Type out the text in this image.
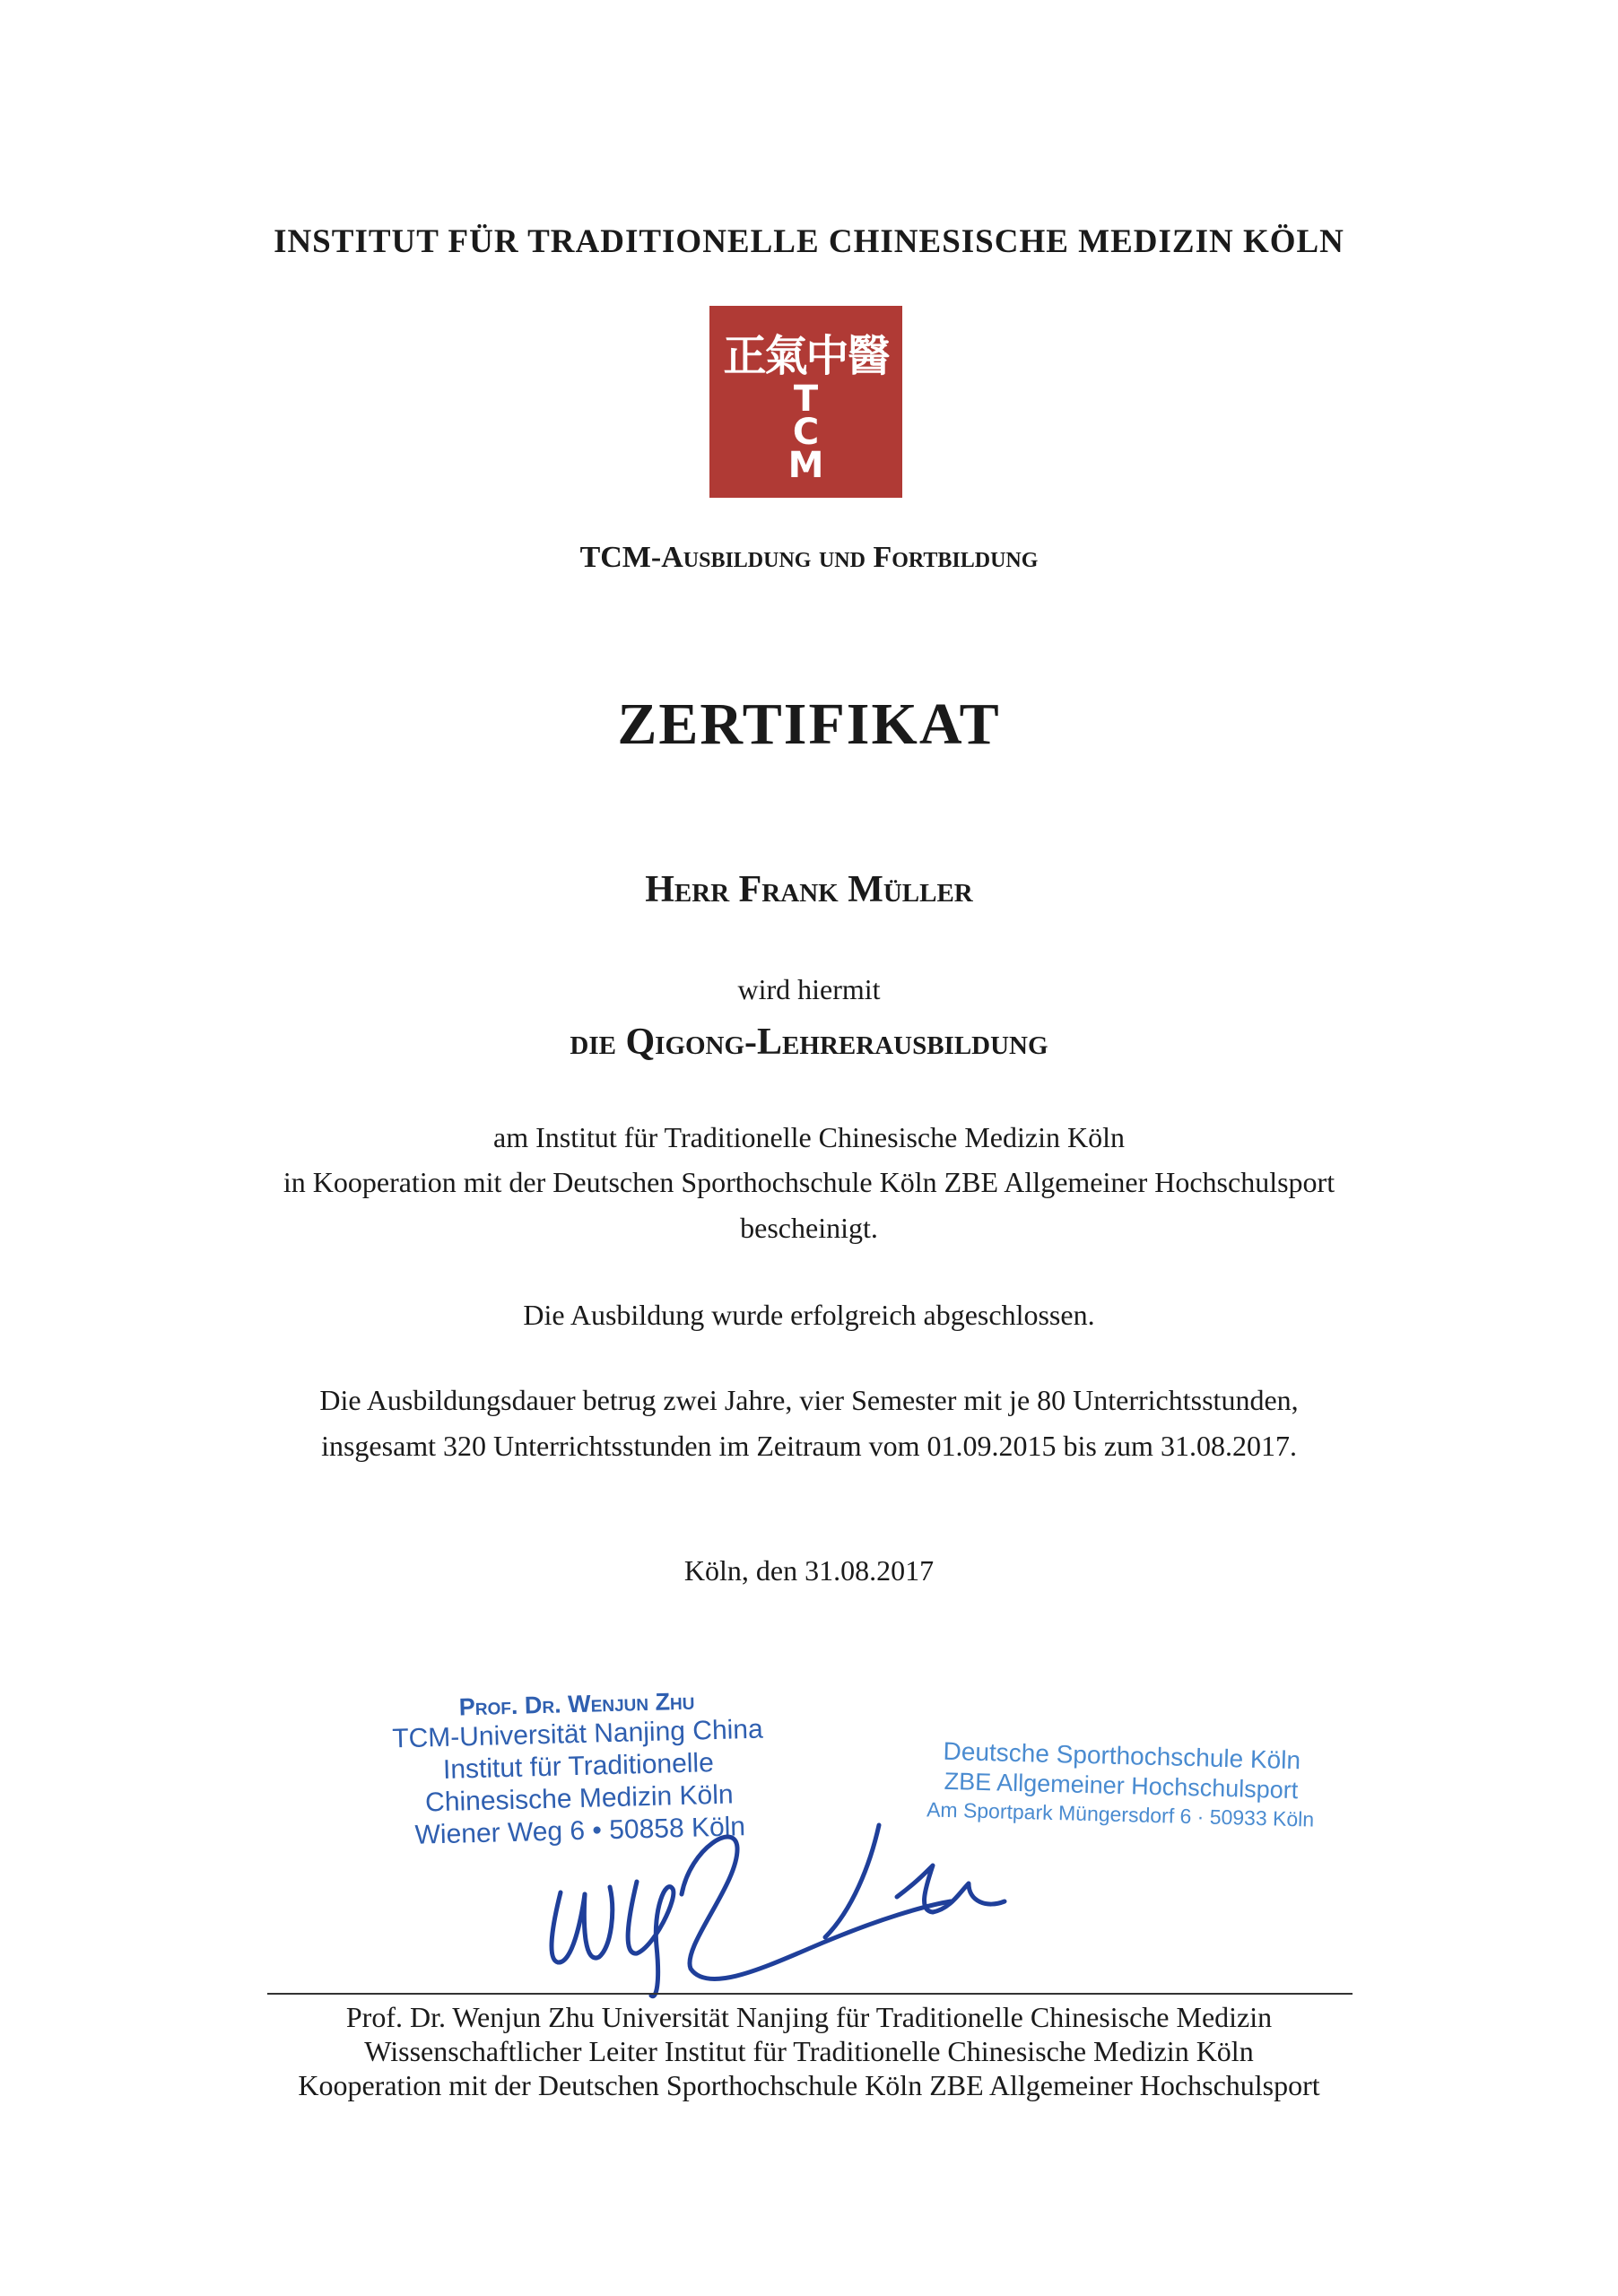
INSTITUT FÜR TRADITIONELLE CHINESISCHE MEDIZIN KÖLN

正氣中醫
T
C
M

TCM-Ausbildung und Fortbildung

ZERTIFIKAT

Herr Frank Müller

wird hiermit

die Qigong-Lehrerausbildung

am Institut für Traditionelle Chinesische Medizin Köln

in Kooperation mit der Deutschen Sporthochschule Köln ZBE Allgemeiner Hochschulsport

bescheinigt.

Die Ausbildung wurde erfolgreich abgeschlossen.

Die Ausbildungsdauer betrug zwei Jahre, vier Semester mit je 80 Unterrichtsstunden,

insgesamt 320 Unterrichtsstunden im Zeitraum vom 01.09.2015 bis zum 31.08.2017.

Köln, den 31.08.2017

Prof. Dr. Wenjun Zhu
TCM-Universität Nanjing China
Institut für Traditionelle
Chinesische Medizin Köln
Wiener Weg 6 • 50858 Köln
Deutsche Sporthochschule Köln
ZBE Allgemeiner Hochschulsport
Am Sportpark Müngersdorf 6 · 50933 Köln

Prof. Dr. Wenjun Zhu Universität Nanjing für Traditionelle Chinesische Medizin

Wissenschaftlicher Leiter Institut für Traditionelle Chinesische Medizin Köln

Kooperation mit der Deutschen Sporthochschule Köln ZBE Allgemeiner Hochschulsport
